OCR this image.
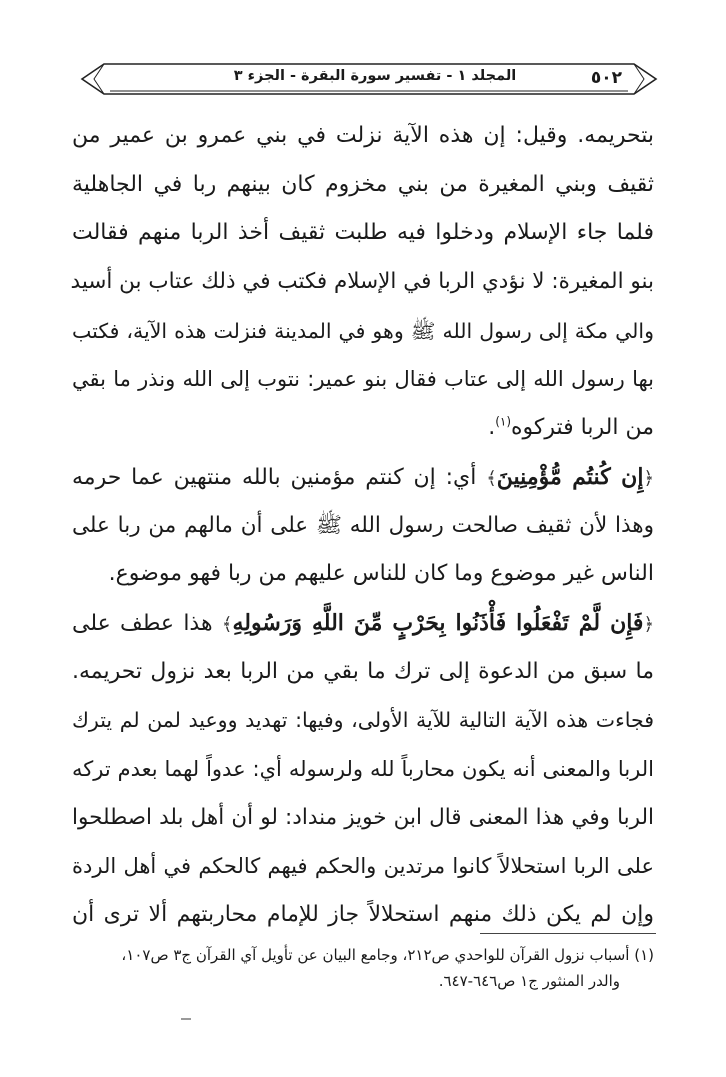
٥٠٢
المجلد ١ - تفسير سورة البقرة - الجزء ٣
بتحريمه. وقيل: إن هذه الآية نزلت في بني عمرو بن عمير من
ثقيف وبني المغيرة من بني مخزوم كان بينهم ربا في الجاهلية
فلما جاء الإسلام ودخلوا فيه طلبت ثقيف أخذ الربا منهم فقالت
بنو المغيرة: لا نؤدي الربا في الإسلام فكتب في ذلك عتاب بن أسيد
والي مكة إلى رسول الله ﷺ وهو في المدينة فنزلت هذه الآية، فكتب
بها رسول الله إلى عتاب فقال بنو عمير: نتوب إلى الله ونذر ما بقي
من الربا فتركوه$^{(١)}$.
﴿إِن كُنتُم مُّؤْمِنِينَ﴾ أي: إن كنتم مؤمنين بالله منتهين عما حرمه
وهذا لأن ثقيف صالحت رسول الله ﷺ على أن مالهم من ربا على
الناس غير موضوع وما كان للناس عليهم من ربا فهو موضوع.
﴿فَإِن لَّمْ تَفْعَلُوا فَأْذَنُوا بِحَرْبٍ مِّنَ اللَّهِ وَرَسُولِهِ﴾ هذا عطف على
ما سبق من الدعوة إلى ترك ما بقي من الربا بعد نزول تحريمه.
فجاءت هذه الآية التالية للآية الأولى، وفيها: تهديد ووعيد لمن لم يترك
الربا والمعنى أنه يكون محارباً لله ولرسوله أي: عدواً لهما بعدم تركه
الربا وفي هذا المعنى قال ابن خويز منداد: لو أن أهل بلد اصطلحوا
على الربا استحلالاً كانوا مرتدين والحكم فيهم كالحكم في أهل الردة
وإن لم يكن ذلك منهم استحلالاً جاز للإمام محاربتهم ألا ترى أن
(١) أسباب نزول القرآن للواحدي ص٢١٢، وجامع البيان عن تأويل آي القرآن ج٣ ص١٠٧،
والدر المنثور ج١ ص٦٤٦-٦٤٧.
